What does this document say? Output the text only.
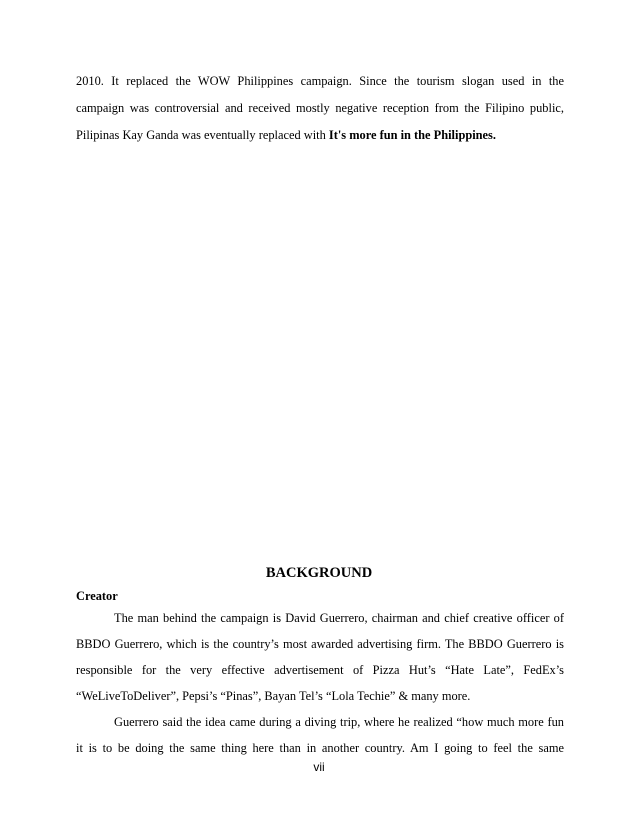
2010. It replaced the WOW Philippines campaign. Since the tourism slogan used in the
campaign was controversial and received mostly negative reception from the Filipino public,
Pilipinas Kay Ganda was eventually replaced with It's more fun in the Philippines.
BACKGROUND
Creator
The man behind the campaign is David Guerrero, chairman and chief creative officer of
BBDO Guerrero, which is the country’s most awarded advertising firm. The BBDO Guerrero is
responsible for the very effective advertisement of Pizza Hut’s “Hate Late”, FedEx’s
“WeLiveToDeliver”, Pepsi’s “Pinas”, Bayan Tel’s “Lola Techie” & many more.
Guerrero said the idea came during a diving trip, where he realized “how much more fun
it is to be doing the same thing here than in another country. Am I going to feel the same
vii
